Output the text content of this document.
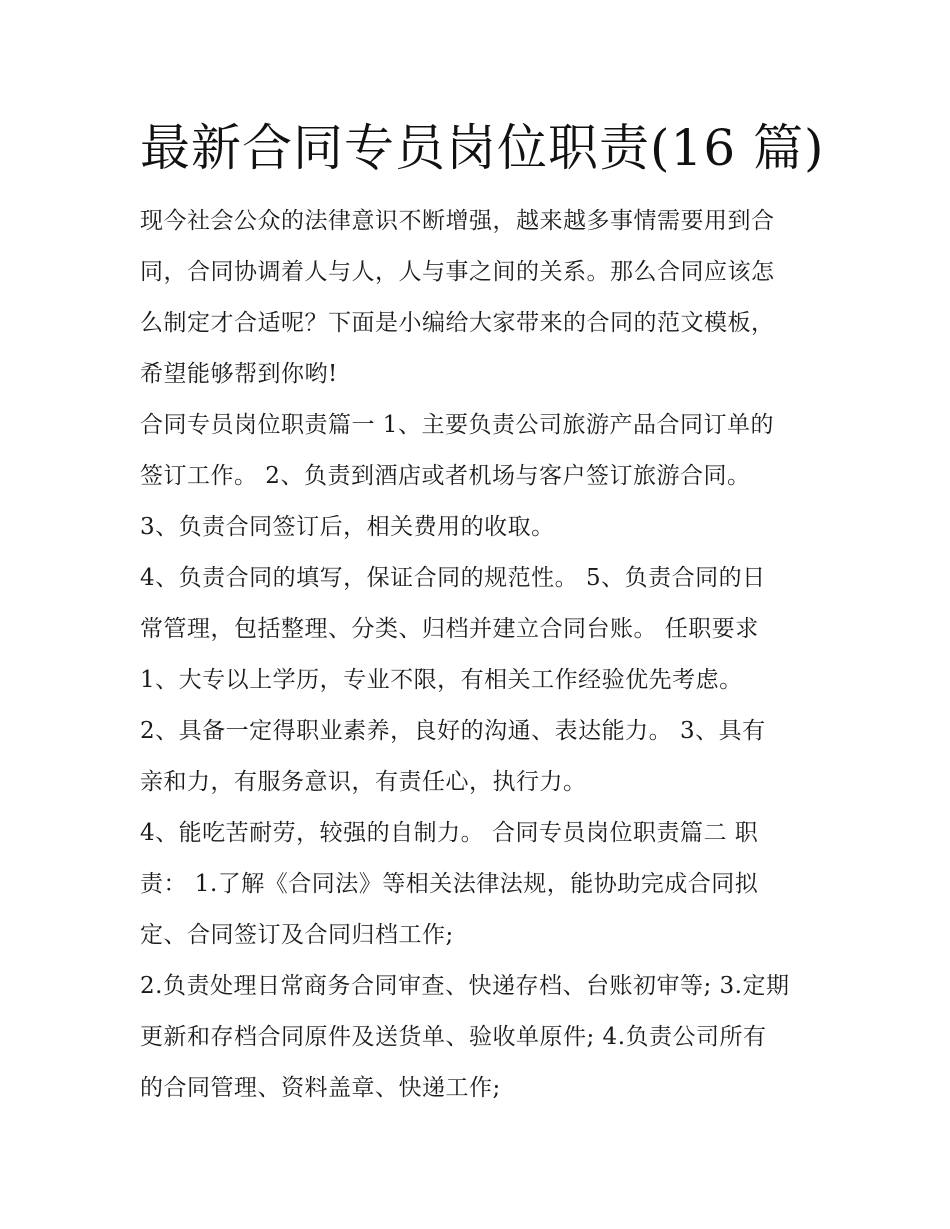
最新合同专员岗位职责(16 篇)

现今社会公众的法律意识不断增强，越来越多事情需要用到合

同，合同协调着人与人，人与事之间的关系。那么合同应该怎

么制定才合适呢？下面是小编给大家带来的合同的范文模板，

希望能够帮到你哟!

合同专员岗位职责篇一 1、主要负责公司旅游产品合同订单的

签订工作。 2、负责到酒店或者机场与客户签订旅游合同。

3、负责合同签订后，相关费用的收取。

4、负责合同的填写，保证合同的规范性。 5、负责合同的日

常管理，包括整理、分类、归档并建立合同台账。 任职要求

1、大专以上学历，专业不限，有相关工作经验优先考虑。

2、具备一定得职业素养，良好的沟通、表达能力。 3、具有

亲和力，有服务意识，有责任心，执行力。

4、能吃苦耐劳，较强的自制力。 合同专员岗位职责篇二 职

责： 1.了解《合同法》等相关法律法规，能协助完成合同拟

定、合同签订及合同归档工作;

2.负责处理日常商务合同审查、快递存档、台账初审等; 3.定期

更新和存档合同原件及送货单、验收单原件; 4.负责公司所有

的合同管理、资料盖章、快递工作;
